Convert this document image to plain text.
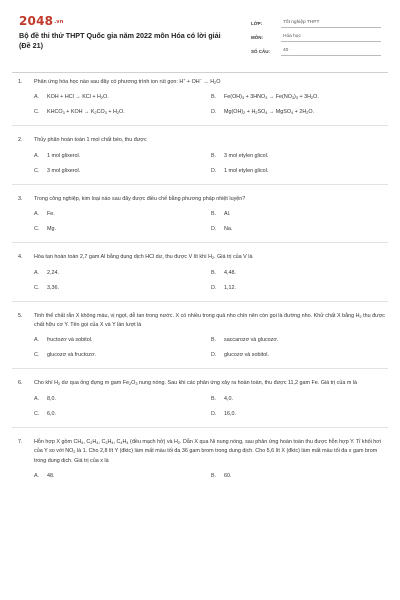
2048.vn
Bộ đề thi thử THPT Quốc gia năm 2022 môn Hóa có lời giải (Đề 21)
LỚP:	Tốt nghiệp THPT
MÔN:	Hóa học
SỐ CÂU:	40
1.	Phản ứng hóa học nào sau đây có phương trình ion rút gọn: $H^+ + OH^- \to H_2O$
A.	KOH + HCl → KCl + $H_2O$.	B.	$Fe(OH)_3 + 3HNO_3 \to Fe(NO_3)_3 + 3H_2O$.
C.	$KHCO_3$ + KOH → $K_2CO_3 + H_2O$.	D.	$Mg(OH)_2 + H_2SO_4$ → MgSO$_4$ + $2H_2O$.
2.	Thủy phân hoàn toàn 1 mol chất béo, thu được
A.	1 mol glixerol.	B.	3 mol etylen glicol.
C.	3 mol glixerol.	D.	1 mol etylen glicol.
3.	Trong công nghiệp, kim loại nào sau đây được điều chế bằng phương pháp nhiệt luyện?
A.	Fe.	B.	Al.
C.	Mg.	D.	Na.
4.	Hòa tan hoàn toàn 2,7 gam Al bằng dung dịch HCl dư, thu được V lít khí $H_2$. Giá trị của V là
A.	2,24.	B.	4,48.
C.	3,36.	D.	1,12.
5.	Tinh thể chất rắn X không màu, vị ngọt, dễ tan trong nước. X có nhiều trong quả nho chín nên còn gọi là đường nho. Khử chất X bằng $H_2$ thu được chất hữu cơ Y. Tên gọi của X và Y lần lượt là
A.	fructozơ và sobitol.	B.	saccarozơ và glucozơ.
C.	glucozơ và fructozơ.	D.	glucozơ và sobitol.
6.	Cho khí $H_2$ dư qua ống đựng m gam $Fe_2O_3$ nung nóng. Sau khi các phản ứng xảy ra hoàn toàn, thu được 11,2 gam Fe. Giá trị của m là
A.	8,0.	B.	4,0.
C.	6,0.	D.	16,0.
7.	Hỗn hợp X gồm $CH_4$, $C_2H_4$, $C_3H_4$, $C_4H_4$ (đều mạch hở) và $H_2$. Dẫn X qua Ni nung nóng, sau phản ứng hoàn toàn thu được hỗn hợp Y. Tỉ khối hơi của Y so với $NO_2$ là 1. Cho 2,8 lít Y (đktc) làm mất màu tối đa 36 gam brom trong dung dịch. Cho 5,6 lít X (đktc) làm mất màu tối đa x gam brom trong dung dịch. Giá trị của x là
A.	48.	B.	60.
